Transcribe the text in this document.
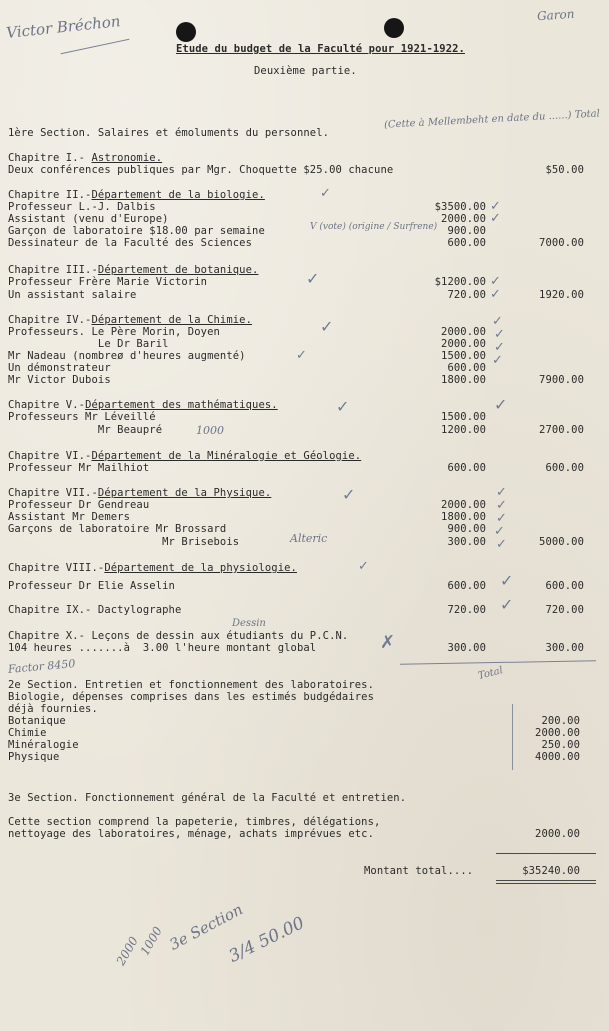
Victor Bréchon	Garon
Etude du budget de la Faculté pour 1921-1922.
Deuxième partie.
1ère Section. Salaires et émoluments du personnel.
(Cette à Mellembeht en date du ......) Total
Chapitre I.- Astronomie.
Deux conférences publiques par Mgr. Choquette $25.00 chacune	$50.00
Chapitre II.-Département de la biologie.	✓
Professeur L.-J. Dalbis	$3500.00
Assistant (venu d'Europe)	2000.00
Garçon de laboratoire $18.00 par semaine	900.00
Dessinateur de la Faculté des Sciences	600.00	7000.00
V (vote) (origine / Surfrene)
✓
✓
Chapitre III.-Département de botanique.	✓
Professeur Frère Marie Victorin	$1200.00
Un assistant salaire	720.00	1920.00
✓
✓
Chapitre IV.-Département de la Chimie.	✓
Professeurs. Le Père Morin, Doyen	2000.00
Le Dr Baril	2000.00
Mr Nadeau (nombreø d'heures augmenté)	1500.00
Un démonstrateur	600.00
Mr Victor Dubois	1800.00	7900.00
✓
✓
✓
✓
✓
Chapitre V.-Département des mathématiques.	✓
Professeurs Mr Léveillé	1500.00
Mr Beaupré	1200.00	2700.00
1000
✓
Chapitre VI.-Département de la Minéralogie et Géologie.
Professeur Mr Mailhiot	600.00	600.00
Chapitre VII.-Département de la Physique.	✓
Professeur Dr Gendreau	2000.00
Assistant Mr Demers	1800.00
Garçons de laboratoire Mr Brossard	900.00
Mr Brisebois	300.00	5000.00
Alteric
✓
✓
✓
✓
✓
Chapitre VIII.-Département de la physiologie.	✓
Professeur Dr Elie Asselin	600.00	600.00
✓
Chapitre IX.- Dactylographe	720.00	720.00
✓
Dessin
Chapitre X.- Leçons de dessin aux étudiants du P.C.N.
104 heures .......à  3.00 l'heure montant global	300.00	300.00
✗
Factor 8450	Total
2e Section. Entretien et fonctionnement des laboratoires.
Biologie, dépenses comprises dans les estimés budgédaires
déjà fournies.
Botanique	200.00
Chimie	2000.00
Minéralogie	250.00
Physique	4000.00
3e Section. Fonctionnement général de la Faculté et entretien.
Cette section comprend la papeterie, timbres, délégations,
nettoyage des laboratoires, ménage, achats imprévues etc.	2000.00
Montant total....	$35240.00
3e Section
2000
1000	3/4 50.00
